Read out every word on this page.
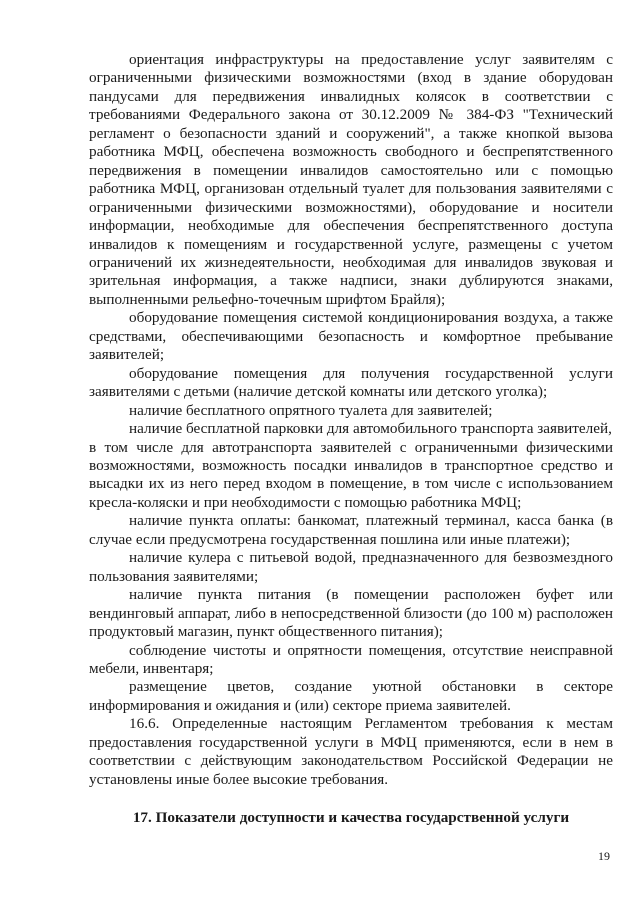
ориентация инфраструктуры на предоставление услуг заявителям с ограниченными физическими возможностями (вход в здание оборудован пандусами для передвижения инвалидных колясок в соответствии с требованиями Федерального закона от 30.12.2009 № 384-ФЗ "Технический регламент о безопасности зданий и сооружений", а также кнопкой вызова работника МФЦ, обеспечена возможность свободного и беспрепятственного передвижения в помещении инвалидов самостоятельно или с помощью работника МФЦ, организован отдельный туалет для пользования заявителями с ограниченными физическими возможностями), оборудование и носители информации, необходимые для обеспечения беспрепятственного доступа инвалидов к помещениям и государственной услуге, размещены с учетом ограничений их жизнедеятельности, необходимая для инвалидов звуковая и зрительная информация, а также надписи, знаки дублируются знаками, выполненными рельефно-точечным шрифтом Брайля);

оборудование помещения системой кондиционирования воздуха, а также средствами, обеспечивающими безопасность и комфортное пребывание заявителей;

оборудование помещения для получения государственной услуги заявителями с детьми (наличие детской комнаты или детского уголка);

наличие бесплатного опрятного туалета для заявителей;

наличие бесплатной парковки для автомобильного транспорта заявителей,

в том числе для автотранспорта заявителей с ограниченными физическими возможностями, возможность посадки инвалидов в транспортное средство и высадки их из него перед входом в помещение, в том числе с использованием кресла-коляски и при необходимости с помощью работника МФЦ;

наличие пункта оплаты: банкомат, платежный терминал, касса банка (в случае если предусмотрена государственная пошлина или иные платежи);

наличие кулера с питьевой водой, предназначенного для безвозмездного пользования заявителями;

наличие пункта питания (в помещении расположен буфет или вендинговый аппарат, либо в непосредственной близости (до 100 м) расположен продуктовый магазин, пункт общественного питания);

соблюдение чистоты и опрятности помещения, отсутствие неисправной мебели, инвентаря;

размещение цветов, создание уютной обстановки в секторе информирования и ожидания и (или) секторе приема заявителей.

16.6. Определенные настоящим Регламентом требования к местам предоставления государственной услуги в МФЦ применяются, если в нем в соответствии с действующим законодательством Российской Федерации не установлены иные более высокие требования.

17. Показатели доступности и качества государственной услуги

19
